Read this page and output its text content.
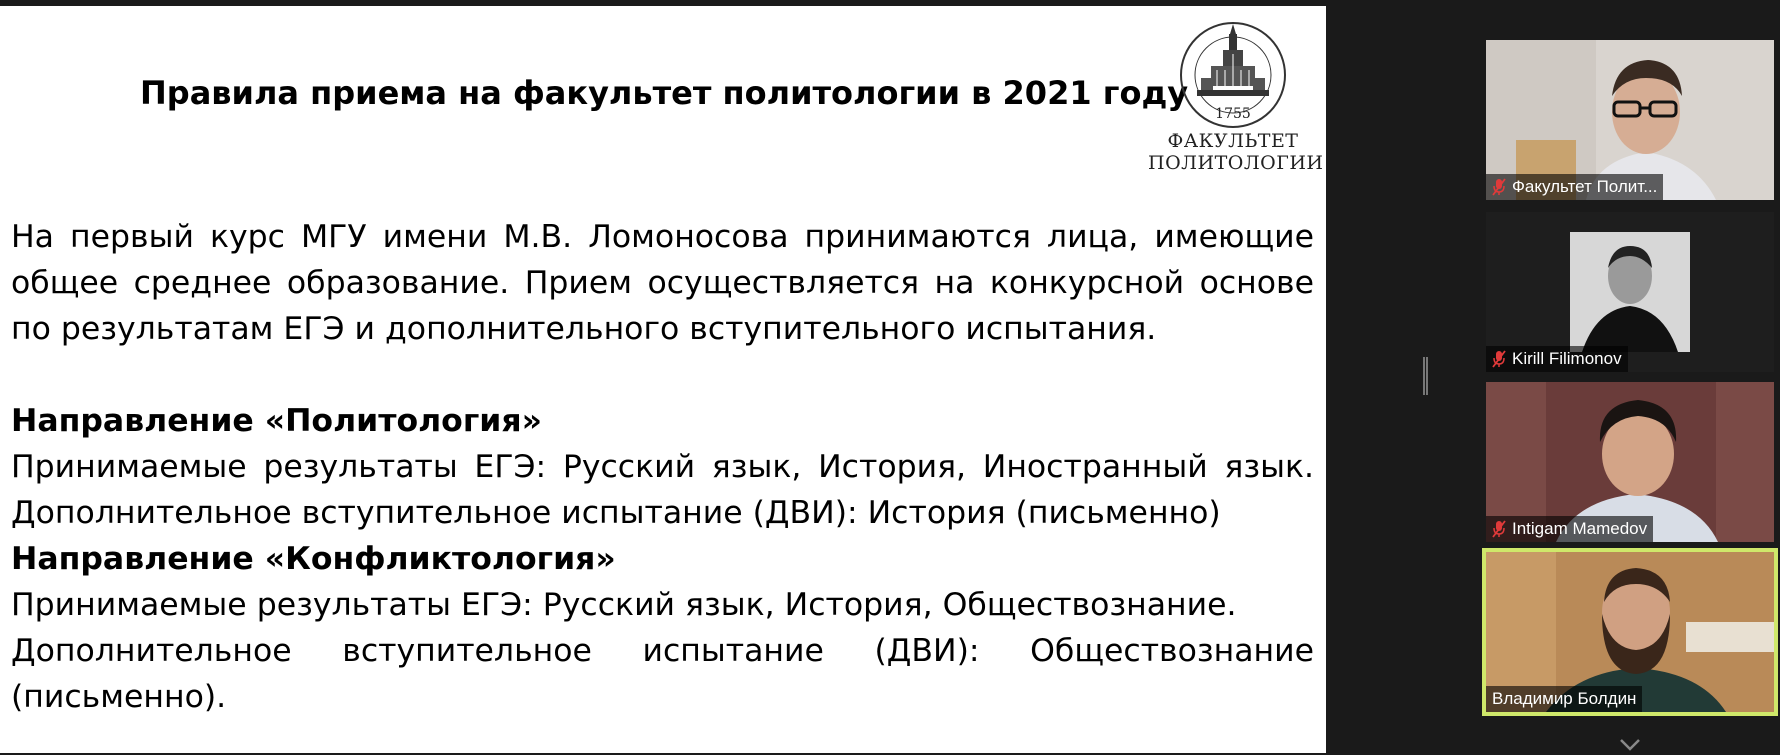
Правила приема на факультет политологии в 2021 году
1755
ФАКУЛЬТЕТ
ПОЛИТОЛОГИИ
На первый курс МГУ имени М.В. Ломоносова принимаются лица, имеющие общее среднее образование. Прием осуществляется на конкурсной основе по результатам ЕГЭ и дополнительного вступительного испытания.
Направление «Политология»
Принимаемые результаты ЕГЭ: Русский язык, История, Иностранный язык.
Дополнительное вступительное испытание (ДВИ): История (письменно)
Направление «Конфликтология»
Принимаемые результаты ЕГЭ: Русский язык, История, Обществознание.
Дополнительное вступительное испытание (ДВИ): Обществознание
(письменно).
Факультет Полит...
Kirill Filimonov
Intigam Mamedov
Владимир Болдин
